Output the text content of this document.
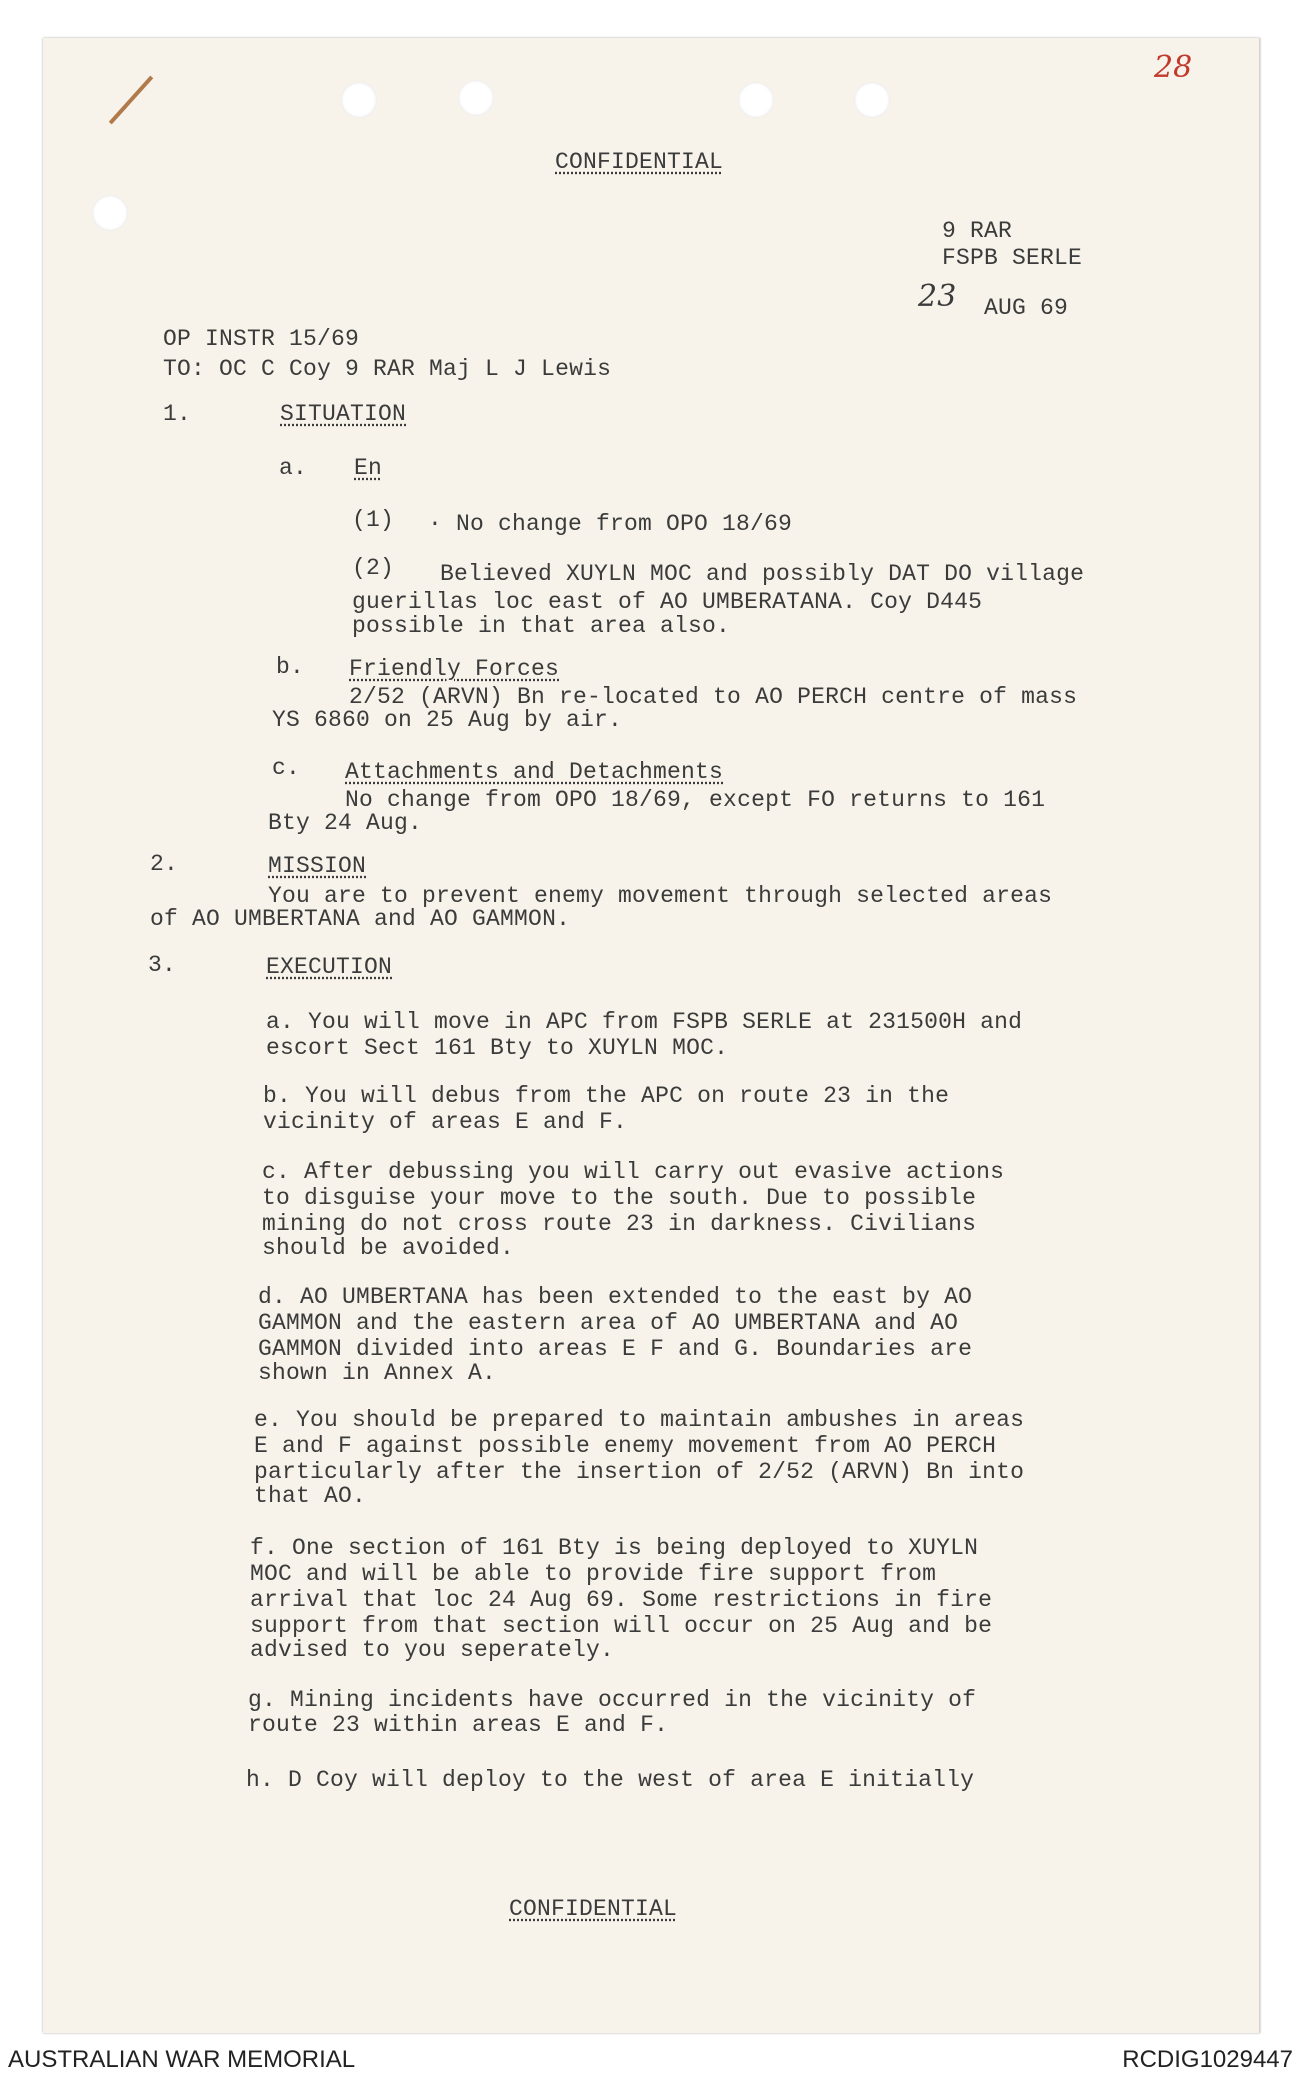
28
CONFIDENTIAL
9 RAR
FSPB SERLE
23 AUG 69
OP INSTR 15/69
TO: OC C Coy 9 RAR Maj L J Lewis
1.	SITUATION
a. En
(1) · No change from OPO 18/69
(2) Believed XUYLN MOC and possibly DAT DO village
guerillas loc east of AO UMBERATANA. Coy D445
possible in that area also.
b. Friendly Forces
2/52 (ARVN) Bn re-located to AO PERCH centre of mass
YS 6860 on 25 Aug by air.
c. Attachments and Detachments
No change from OPO 18/69, except FO returns to 161
Bty 24 Aug.
2.	MISSION
You are to prevent enemy movement through selected areas
of AO UMBERTANA and AO GAMMON.
3.	EXECUTION
a. You will move in APC from FSPB SERLE at 231500H and
escort Sect 161 Bty to XUYLN MOC.
b. You will debus from the APC on route 23 in the
vicinity of areas E and F.
c. After debussing you will carry out evasive actions
to disguise your move to the south. Due to possible
mining do not cross route 23 in darkness. Civilians
should be avoided.
d. AO UMBERTANA has been extended to the east by AO
GAMMON and the eastern area of AO UMBERTANA and AO
GAMMON divided into areas E F and G. Boundaries are
shown in Annex A.
e. You should be prepared to maintain ambushes in areas
E and F against possible enemy movement from AO PERCH
particularly after the insertion of 2/52 (ARVN) Bn into
that AO.
f. One section of 161 Bty is being deployed to XUYLN
MOC and will be able to provide fire support from
arrival that loc 24 Aug 69. Some restrictions in fire
support from that section will occur on 25 Aug and be
advised to you seperately.
g. Mining incidents have occurred in the vicinity of
route 23 within areas E and F.
h. D Coy will deploy to the west of area E initially
CONFIDENTIAL
AUSTRALIAN WAR MEMORIAL	RCDIG1029447
